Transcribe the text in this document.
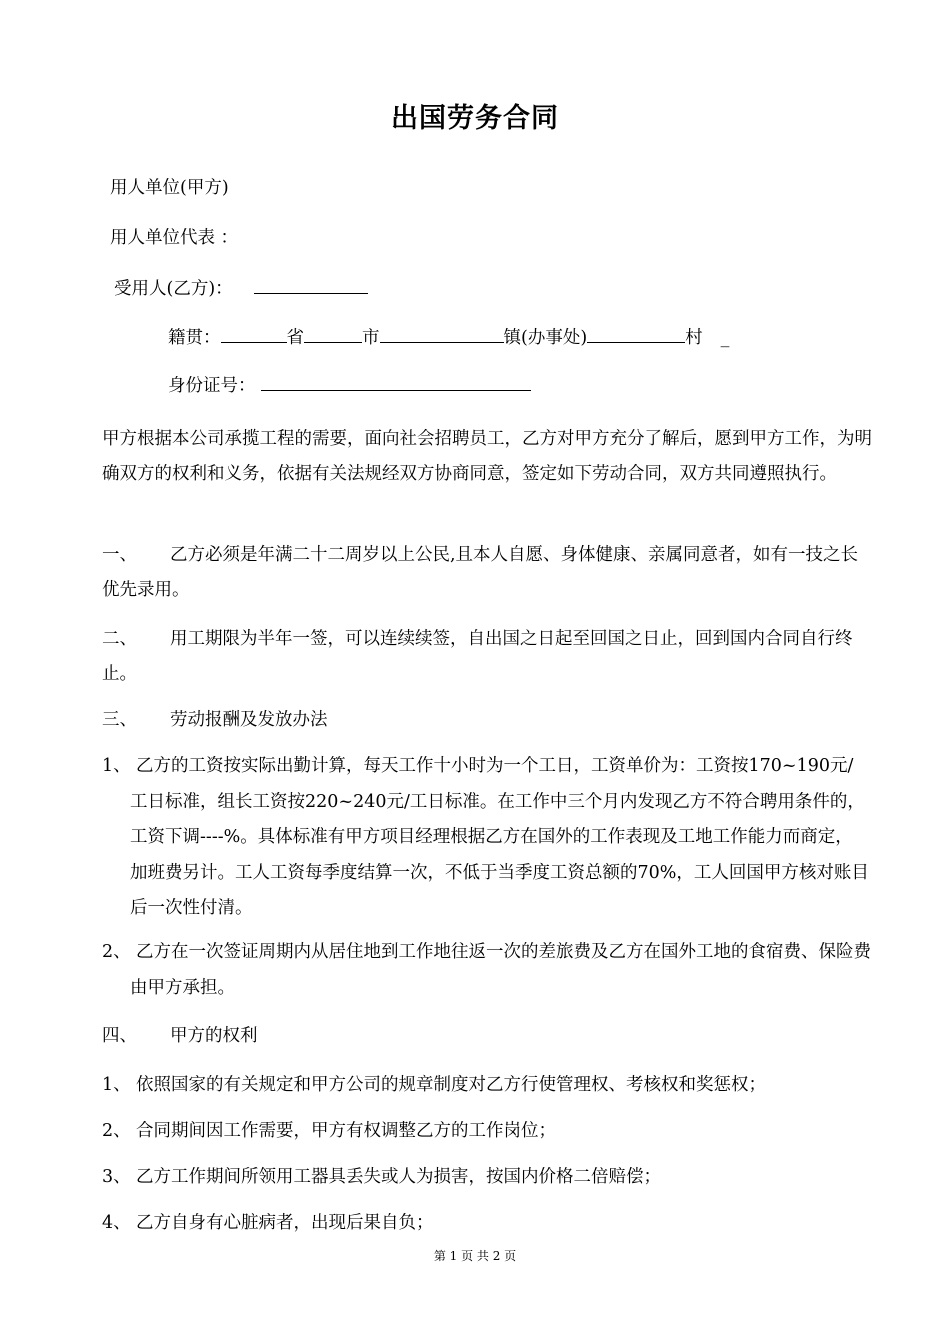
出国劳务合同
用人单位(甲方)
用人单位代表 ：
受用人(乙方)：
籍贯：	省	市	镇(办事处)	村 _
身份证号：
甲方根据本公司承揽工程的需要，面向社会招聘员工，乙方对甲方充分了解后，愿到甲方工作，为明确双方的权利和义务，依据有关法规经双方协商同意，签定如下劳动合同，双方共同遵照执行。
一、 乙方必须是年满二十二周岁以上公民,且本人自愿、身体健康、亲属同意者，如有一技之长优先录用。
二、 用工期限为半年一签，可以连续续签，自出国之日起至回国之日止，回到国内合同自行终止。
三、 劳动报酬及发放办法
1、 乙方的工资按实际出勤计算，每天工作十小时为一个工日，工资单价为：工资按170~190元/工日标准，组长工资按220~240元/工日标准。在工作中三个月内发现乙方不符合聘用条件的，工资下调----%。具体标准有甲方项目经理根据乙方在国外的工作表现及工地工作能力而商定，加班费另计。工人工资每季度结算一次，不低于当季度工资总额的70%，工人回国甲方核对账目后一次性付清。
2、 乙方在一次签证周期内从居住地到工作地往返一次的差旅费及乙方在国外工地的食宿费、保险费由甲方承担。
四、 甲方的权利
1、 依照国家的有关规定和甲方公司的规章制度对乙方行使管理权、考核权和奖惩权；
2、 合同期间因工作需要，甲方有权调整乙方的工作岗位；
3、 乙方工作期间所领用工器具丢失或人为损害，按国内价格二倍赔偿；
4、 乙方自身有心脏病者，出现后果自负；
第 1 页 共 2 页
